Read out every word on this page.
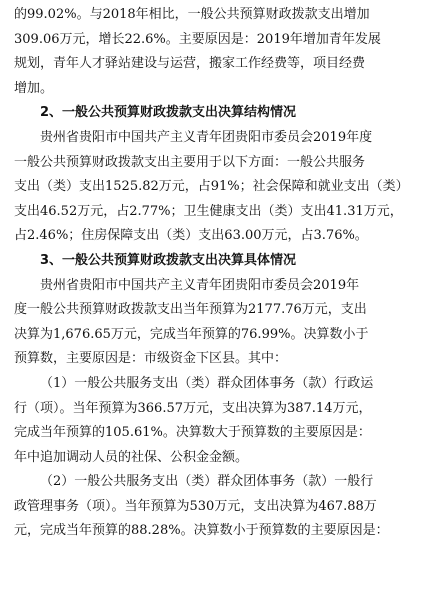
的99.02%。与2018年相比，一般公共预算财政拨款支出增加
309.06万元，增长22.6%。主要原因是：2019年增加青年发展
规划，青年人才驿站建设与运营，搬家工作经费等，项目经费
增加。
2、一般公共预算财政拨款支出决算结构情况
贵州省贵阳市中国共产主义青年团贵阳市委员会2019年度
一般公共预算财政拨款支出主要用于以下方面：一般公共服务
支出（类）支出1525.82万元，占91%；社会保障和就业支出（类）
支出46.52万元，占2.77%；卫生健康支出（类）支出41.31万元，
占2.46%；住房保障支出（类）支出63.00万元，占3.76%。
3、一般公共预算财政拨款支出决算具体情况
贵州省贵阳市中国共产主义青年团贵阳市委员会2019年
度一般公共预算财政拨款支出当年预算为2177.76万元，支出
决算为1,676.65万元，完成当年预算的76.99%。决算数小于
预算数，主要原因是：市级资金下区县。其中：
（1）一般公共服务支出（类）群众团体事务（款）行政运
行（项）。当年预算为366.57万元，支出决算为387.14万元，
完成当年预算的105.61%。决算数大于预算数的主要原因是：
年中追加调动人员的社保、公积金金额。
（2）一般公共服务支出（类）群众团体事务（款）一般行
政管理事务（项）。当年预算为530万元，支出决算为467.88万
元，完成当年预算的88.28%。决算数小于预算数的主要原因是：
